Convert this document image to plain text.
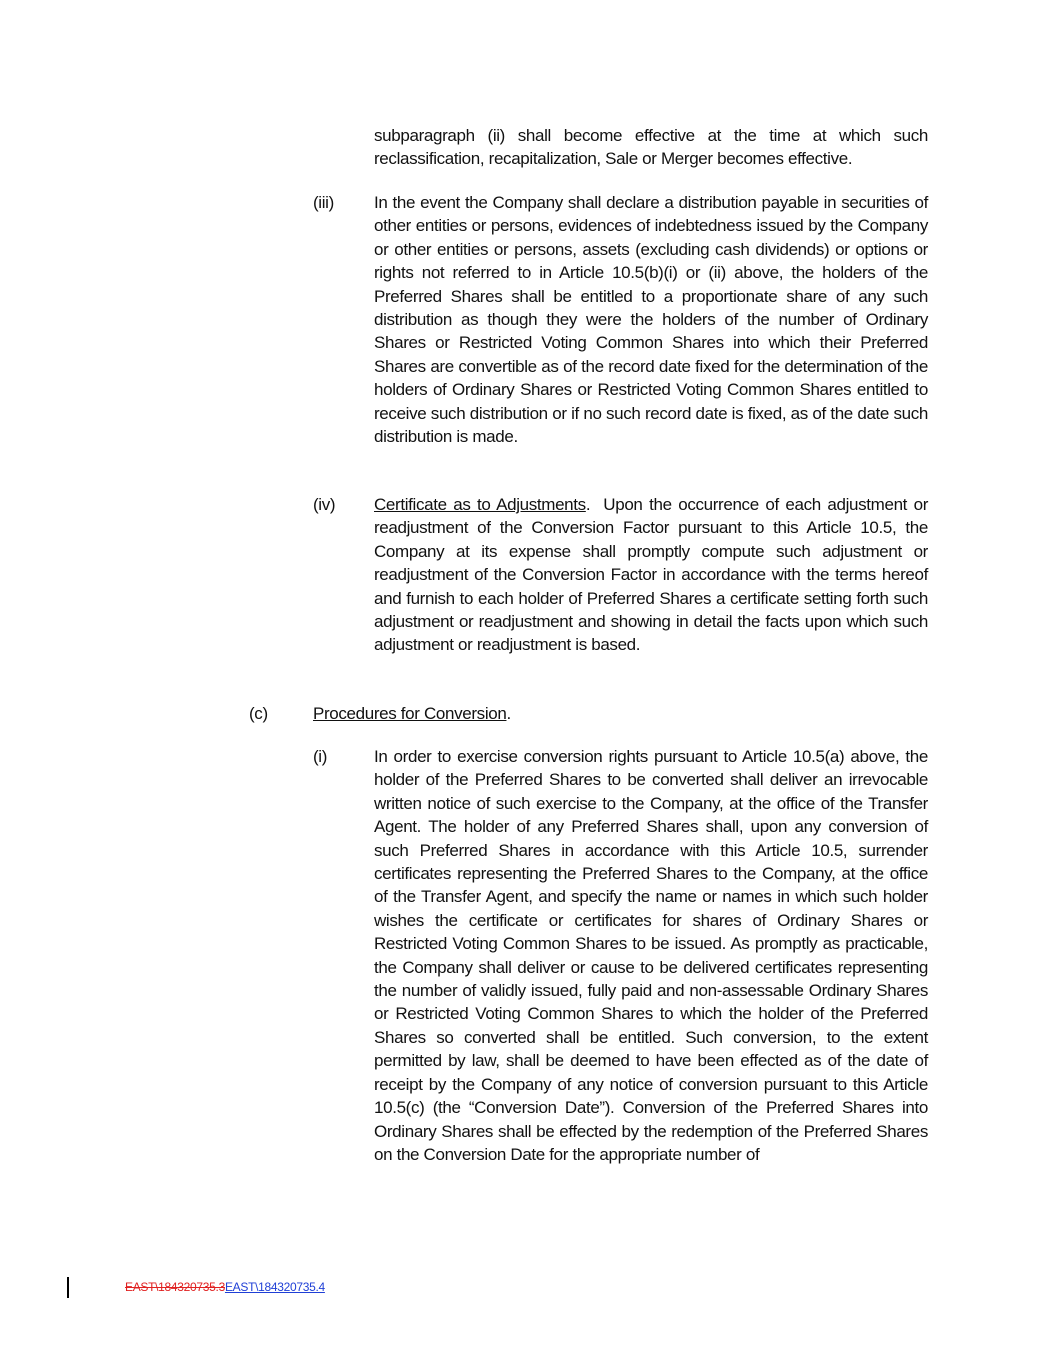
subparagraph (ii) shall become effective at the time at which such reclassification, recapitalization, Sale or Merger becomes effective.

(iii) In the event the Company shall declare a distribution payable in securities of other entities or persons, evidences of indebtedness issued by the Company or other entities or persons, assets (excluding cash dividends) or options or rights not referred to in Article 10.5(b)(i) or (ii) above, the holders of the Preferred Shares shall be entitled to a proportionate share of any such distribution as though they were the holders of the number of Ordinary Shares or Restricted Voting Common Shares into which their Preferred Shares are convertible as of the record date fixed for the determination of the holders of Ordinary Shares or Restricted Voting Common Shares entitled to receive such distribution or if no such record date is fixed, as of the date such distribution is made.

(iv) Certificate as to Adjustments. Upon the occurrence of each adjustment or readjustment of the Conversion Factor pursuant to this Article 10.5, the Company at its expense shall promptly compute such adjustment or readjustment of the Conversion Factor in accordance with the terms hereof and furnish to each holder of Preferred Shares a certificate setting forth such adjustment or readjustment and showing in detail the facts upon which such adjustment or readjustment is based.

(c)	Procedures for Conversion.
(i)	In order to exercise conversion rights pursuant to Article 10.5(a) above, the holder of the Preferred Shares to be converted shall deliver an irrevocable written notice of such exercise to the Company, at the office of the Transfer Agent. The holder of any Preferred Shares shall, upon any conversion of such Preferred Shares in accordance with this Article 10.5, surrender certificates representing the Preferred Shares to the Company, at the office of the Transfer Agent, and specify the name or names in which such holder wishes the certificate or certificates for shares of Ordinary Shares or Restricted Voting Common Shares to be issued. As promptly as practicable, the Company shall deliver or cause to be delivered certificates representing the number of validly issued, fully paid and non-assessable Ordinary Shares or Restricted Voting Common Shares to which the holder of the Preferred Shares so converted shall be entitled. Such conversion, to the extent permitted by law, shall be deemed to have been effected as of the date of receipt by the Company of any notice of conversion pursuant to this Article 10.5(c) (the “Conversion Date”). Conversion of the Preferred Shares into Ordinary Shares shall be effected by the redemption of the Preferred Shares on the Conversion Date for the appropriate number of

EAST\184320735.3EAST\184320735.4
